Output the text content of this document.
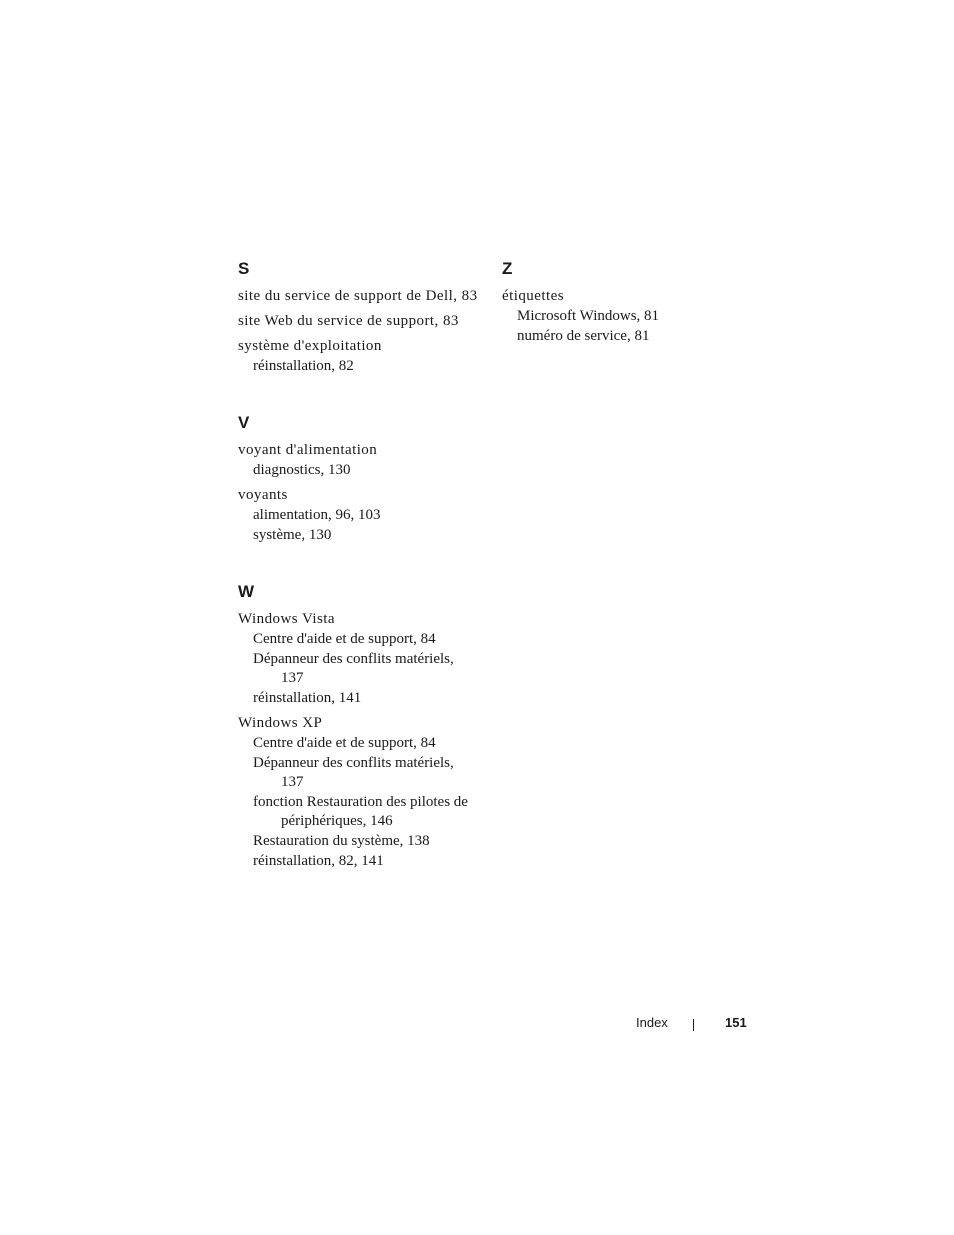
S
site du service de support de Dell, 83
site Web du service de support, 83
système d'exploitation
réinstallation, 82
V
voyant d'alimentation
diagnostics, 130
voyants
alimentation, 96, 103
système, 130
W
Windows Vista
Centre d'aide et de support, 84
Dépanneur des conflits matériels, 137
réinstallation, 141
Windows XP
Centre d'aide et de support, 84
Dépanneur des conflits matériels, 137
fonction Restauration des pilotes de périphériques, 146
Restauration du système, 138
réinstallation, 82, 141
Z
étiquettes
Microsoft Windows, 81
numéro de service, 81
Index	151
